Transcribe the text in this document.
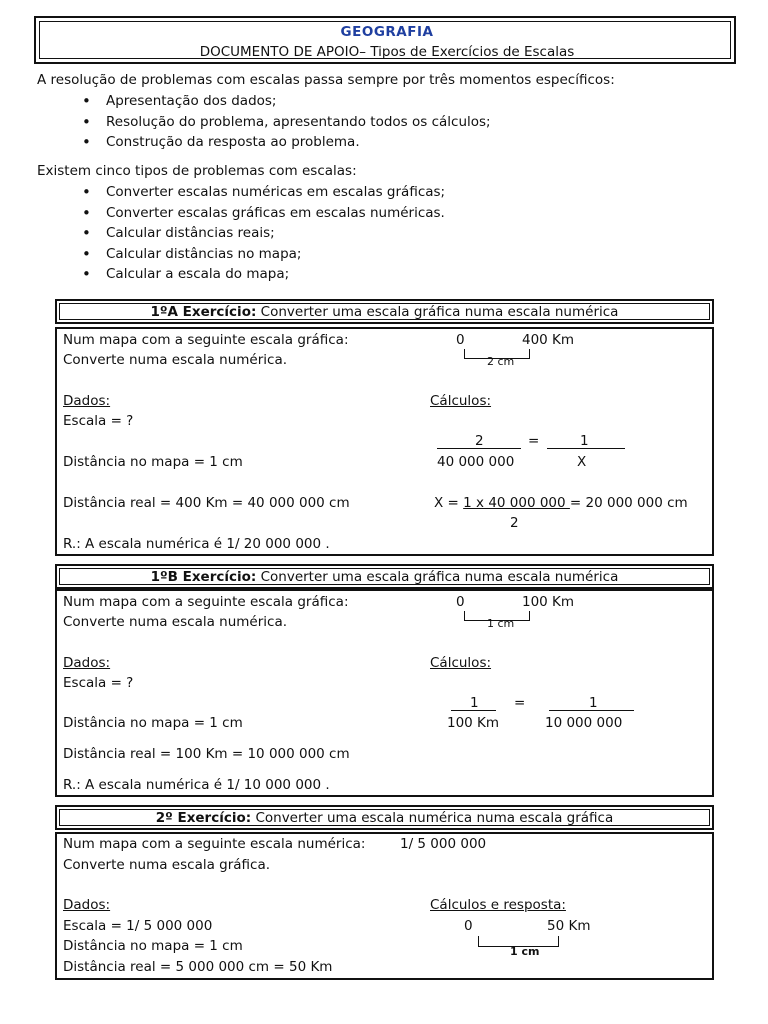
GEOGRAFIA
DOCUMENTO DE APOIO– Tipos de Exercícios de Escalas
A resolução de problemas com escalas passa sempre por três momentos específicos:
• Apresentação dos dados;
• Resolução do problema, apresentando todos os cálculos;
• Construção da resposta ao problema.
Existem cinco tipos de problemas com escalas:
• Converter escalas numéricas em escalas gráficas;
• Converter escalas gráficas em escalas numéricas.
• Calcular distâncias reais;
• Calcular distâncias no mapa;
• Calcular a escala do mapa;
1ºA Exercício: Converter uma escala gráfica numa escala numérica
Num mapa com a seguinte escala gráfica:
Converte numa escala numérica.
0	400 Km
2 cm
Dados:
Escala = ?
Distância no mapa = 1 cm
Distância real = 400 Km = 40 000 000 cm
R.: A escala numérica é 1/ 20 000 000 .
Cálculos:
2
40 000 000
=	1
X
X = 1 x 40 000 000 = 20 000 000 cm
2
1ºB Exercício: Converter uma escala gráfica numa escala numérica
Num mapa com a seguinte escala gráfica:
Converte numa escala numérica.
0	100 Km
1 cm
Dados:
Escala = ?
Distância no mapa = 1 cm
Distância real = 100 Km = 10 000 000 cm
R.: A escala numérica é 1/ 10 000 000 .
Cálculos:
1
100 Km
=	1
10 000 000
2º Exercício: Converter uma escala numérica numa escala gráfica
Num mapa com a seguinte escala numérica:	1/ 5 000 000
Converte numa escala gráfica.
Dados:
Escala = 1/ 5 000 000
Distância no mapa = 1 cm
Distância real = 5 000 000 cm = 50 Km
Cálculos e resposta:
0	50 Km
1 cm
